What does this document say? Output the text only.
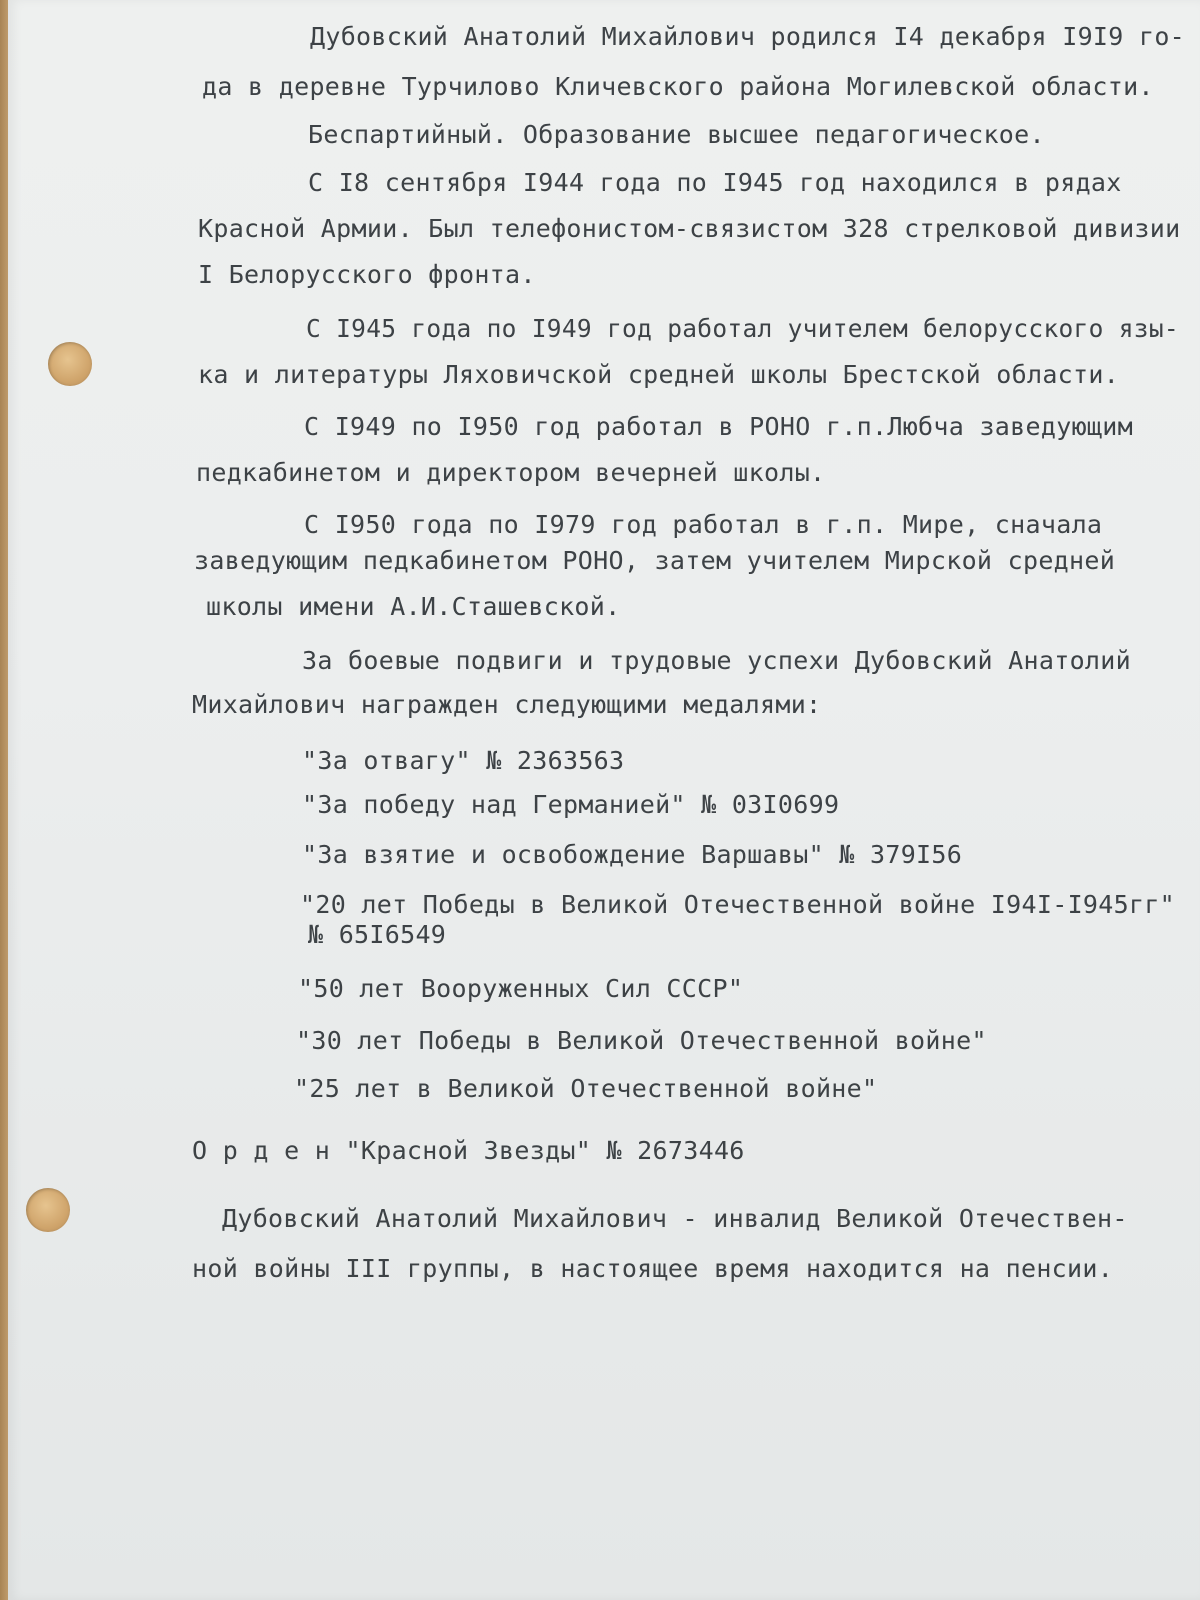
Дубовский Анатолий Михайлович родился I4 декабря I9I9 го-
да в деревне Турчилово Кличевского района Могилевской области.
Беспартийный. Образование высшее педагогическое.
С I8 сентября I944 года по I945 год находился в рядах
Красной Армии. Был телефонистом-связистом 328 стрелковой дивизии
I Белорусского фронта.
С I945 года по I949 год работал учителем белорусского язы-
ка и литературы Ляховичской средней школы Брестской области.
С I949 по I950 год работал в РОНО г.п.Любча заведующим
педкабинетом и директором вечерней школы.
С I950 года по I979 год работал в г.п. Мире, сначала
заведующим педкабинетом РОНО, затем учителем Мирской средней
школы имени А.И.Сташевской.
За боевые подвиги и трудовые успехи Дубовский Анатолий
Михайлович награжден следующими медалями:
"За отвагу" № 2363563
"За победу над Германией" № 03I0699
"За взятие и освобождение Варшавы" № 379I56
"20 лет Победы в Великой Отечественной войне I94I-I945гг"
№ 65I6549
"50 лет Вооруженных Сил СССР"
"30 лет Победы в Великой Отечественной войне"
"25 лет в Великой Отечественной войне"
О р д е н "Красной Звезды" № 2673446
Дубовский Анатолий Михайлович - инвалид Великой Отечествен-
ной войны III группы, в настоящее время находится на пенсии.
